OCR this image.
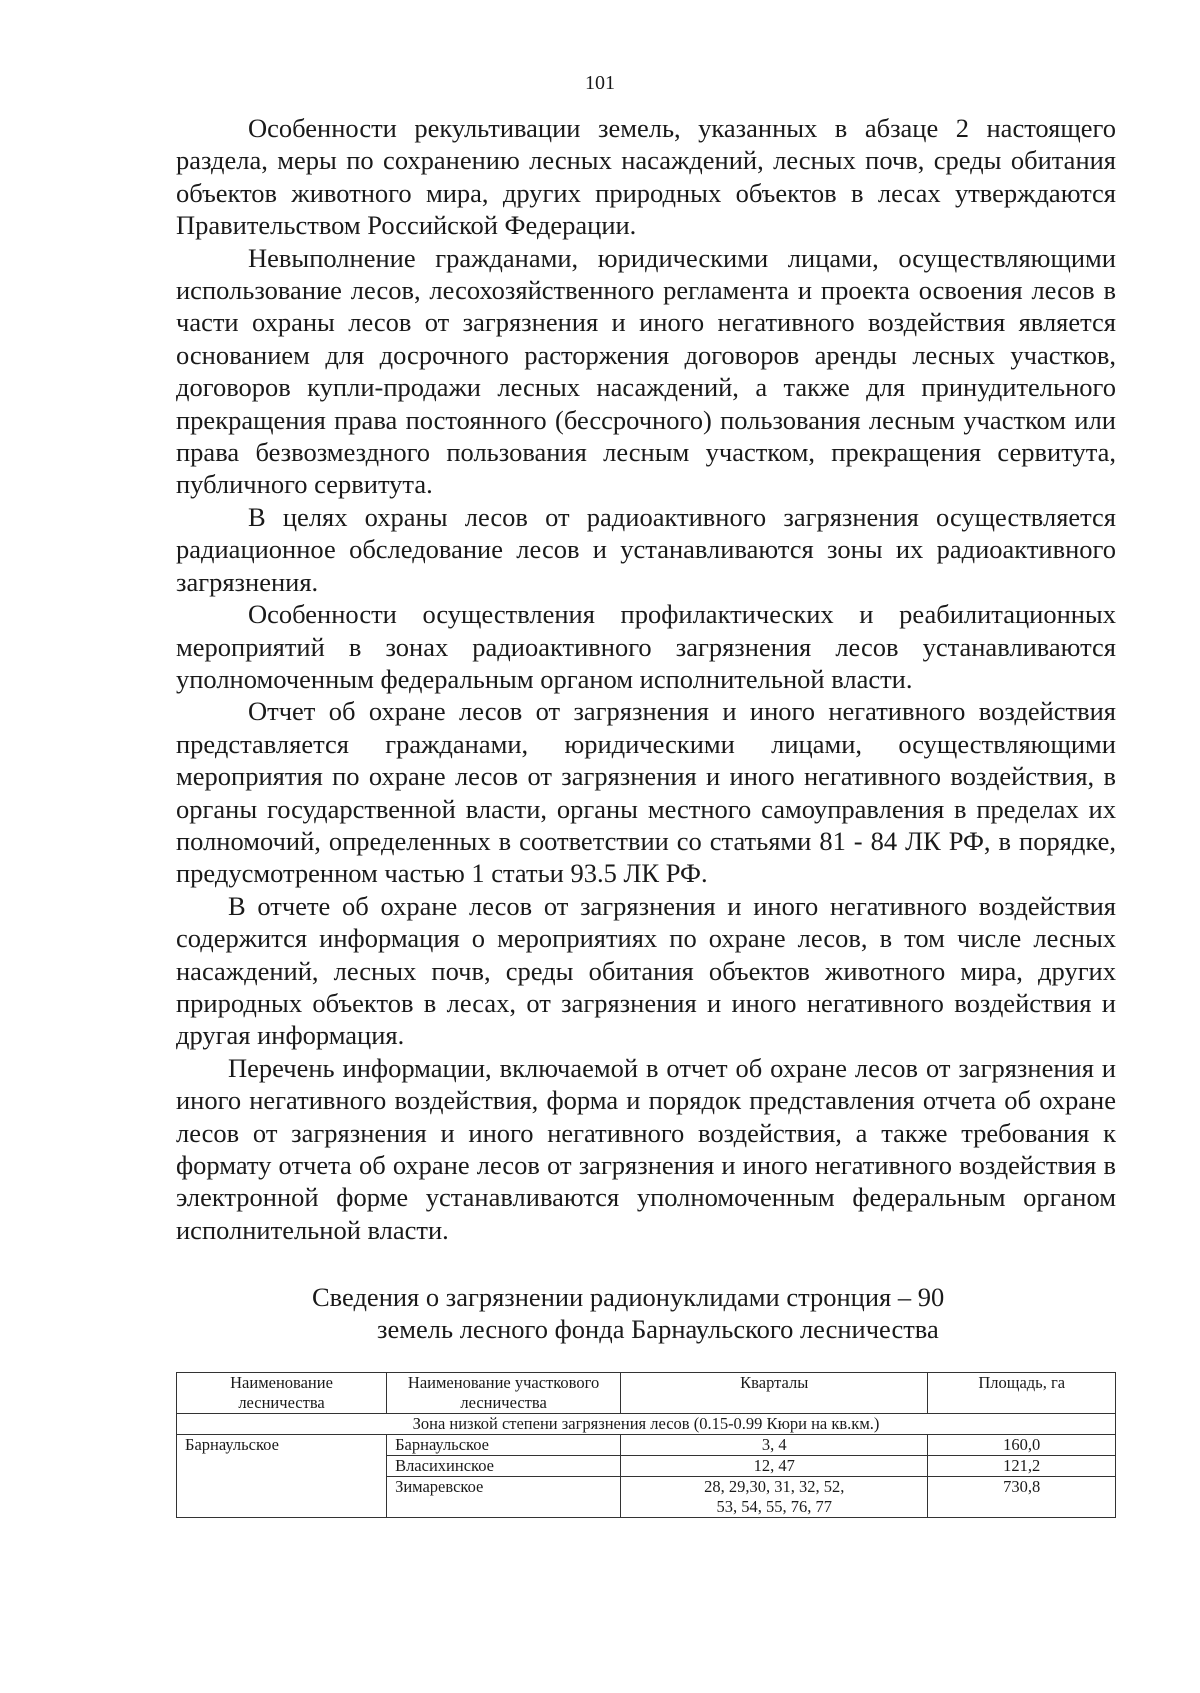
101

Особенности рекультивации земель, указанных в абзаце 2 настоящего раздела, меры по сохранению лесных насаждений, лесных почв, среды обитания объектов животного мира, других природных объектов в лесах утверждаются Правительством Российской Федерации.

Невыполнение гражданами, юридическими лицами, осуществляющими использование лесов, лесохозяйственного регламента и проекта освоения лесов в части охраны лесов от загрязнения и иного негативного воздействия является основанием для досрочного расторжения договоров аренды лесных участков, договоров купли-продажи лесных насаждений, а также для принудительного прекращения права постоянного (бессрочного) пользования лесным участком или права безвозмездного пользования лесным участком, прекращения сервитута, публичного сервитута.

В целях охраны лесов от радиоактивного загрязнения осуществляется радиационное обследование лесов и устанавливаются зоны их радиоактивного загрязнения.

Особенности осуществления профилактических и реабилитационных мероприятий в зонах радиоактивного загрязнения лесов устанавливаются уполномоченным федеральным органом исполнительной власти.

Отчет об охране лесов от загрязнения и иного негативного воздействия представляется гражданами, юридическими лицами, осуществляющими мероприятия по охране лесов от загрязнения и иного негативного воздействия, в органы государственной власти, органы местного самоуправления в пределах их полномочий, определенных в соответствии со статьями 81 - 84 ЛК РФ, в порядке, предусмотренном частью 1 статьи 93.5 ЛК РФ.

В отчете об охране лесов от загрязнения и иного негативного воздействия содержится информация о мероприятиях по охране лесов, в том числе лесных насаждений, лесных почв, среды обитания объектов животного мира, других природных объектов в лесах, от загрязнения и иного негативного воздействия и другая информация.

Перечень информации, включаемой в отчет об охране лесов от загрязнения и иного негативного воздействия, форма и порядок представления отчета об охране лесов от загрязнения и иного негативного воздействия, а также требования к формату отчета об охране лесов от загрязнения и иного негативного воздействия в электронной форме устанавливаются уполномоченным федеральным органом исполнительной власти.

Сведения о загрязнении радионуклидами стронция – 90
земель лесного фонда Барнаульского лесничества
Наименование лесничества	Наименование участкового лесничества	Кварталы	Площадь, га
Зона низкой степени загрязнения лесов (0.15-0.99 Кюри на кв.км.)			
Барнаульское	Барнаульское	3, 4	160,0
	Власихинское	12, 47	121,2
	Зимаревское	28, 29,30, 31, 32, 52,
53, 54, 55, 76, 77	730,8
